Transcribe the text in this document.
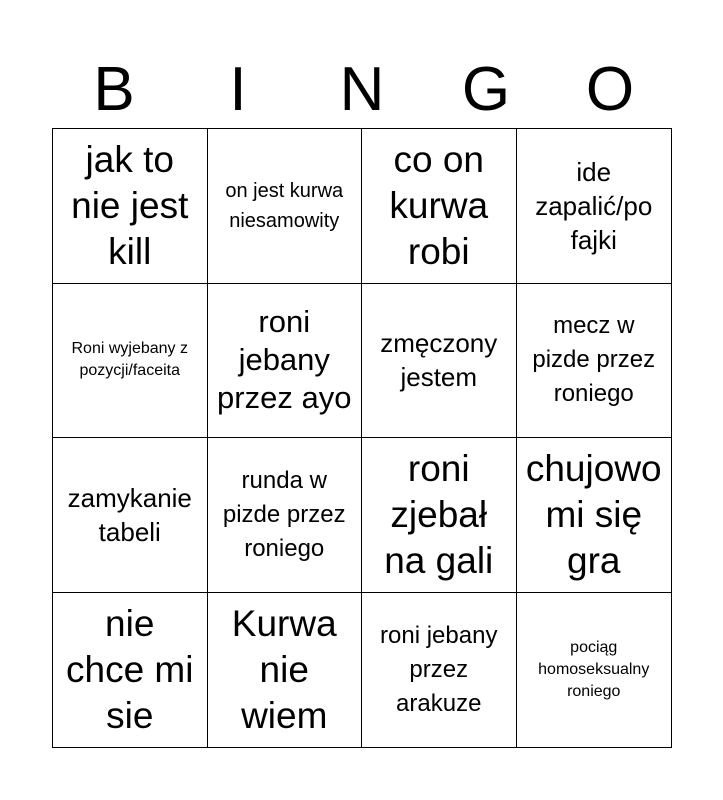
B	I	N	G	O
jak to nie jest kill
on jest kurwa niesamowity
co on kurwa robi
ide zapalić/po fajki
Roni wyjebany z pozycji/faceita
roni jebany przez ayo
zmęczony jestem
mecz w pizde przez roniego
zamykanie tabeli
runda w pizde przez roniego
roni zjebał na gali
chujowo mi się gra
nie chce mi sie
Kurwa nie wiem
roni jebany przez arakuze
pociąg homoseksualny roniego
